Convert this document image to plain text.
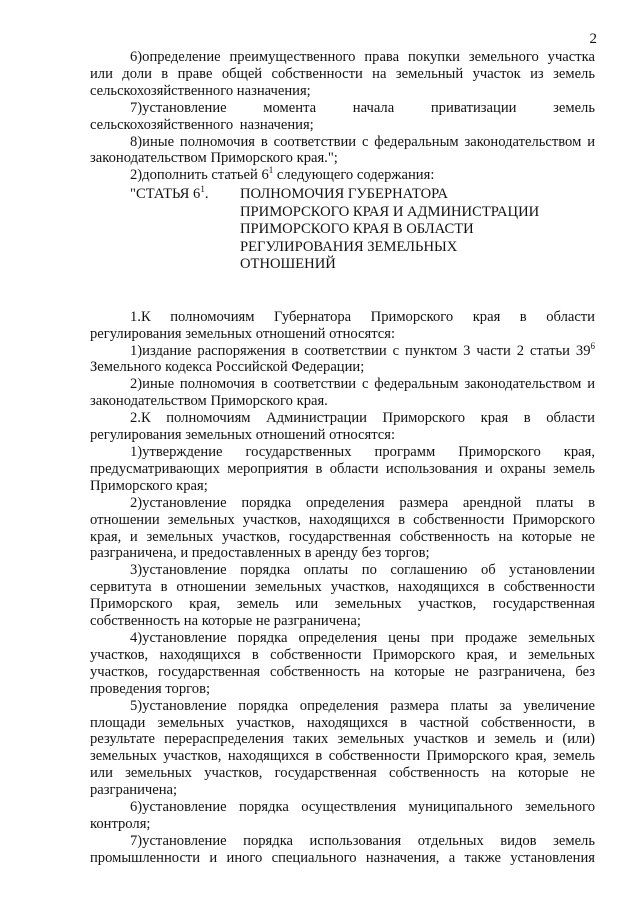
2

6)определение преимущественного права покупки земельного участка или доли в праве общей собственности на земельный участок из земель сельскохозяйственного назначения;

7)установление момента начала приватизации земель сельскохозяйственного назначения;

8)иные полномочия в соответствии с федеральным законодательством и законодательством Приморского края.";

2)дополнить статьей $6^1$ следующего содержания:

"СТАТЬЯ $6^1$.	ПОЛНОМОЧИЯ ГУБЕРНАТОРА ПРИМОРСКОГО КРАЯ И АДМИНИСТРАЦИИ ПРИМОРСКОГО КРАЯ В ОБЛАСТИ РЕГУЛИРОВАНИЯ ЗЕМЕЛЬНЫХ ОТНОШЕНИЙ

1.К полномочиям Губернатора Приморского края в области регулирования земельных отношений относятся:

1)издание распоряжения в соответствии с пунктом 3 части 2 статьи $39^6$ Земельного кодекса Российской Федерации;

2)иные полномочия в соответствии с федеральным законодательством и законодательством Приморского края.

2.К полномочиям Администрации Приморского края в области регулирования земельных отношений относятся:

1)утверждение государственных программ Приморского края, предусматривающих мероприятия в области использования и охраны земель Приморского края;

2)установление порядка определения размера арендной платы в отношении земельных участков, находящихся в собственности Приморского края, и земельных участков, государственная собственность на которые не разграничена, и предоставленных в аренду без торгов;

3)установление порядка оплаты по соглашению об установлении сервитута в отношении земельных участков, находящихся в собственности Приморского края, земель или земельных участков, государственная собственность на которые не разграничена;

4)установление порядка определения цены при продаже земельных участков, находящихся в собственности Приморского края, и земельных участков, государственная собственность на которые не разграничена, без проведения торгов;

5)установление порядка определения размера платы за увеличение площади земельных участков, находящихся в частной собственности, в результате перераспределения таких земельных участков и земель и (или) земельных участков, находящихся в собственности Приморского края, земель или земельных участков, государственная собственность на которые не разграничена;

6)установление порядка осуществления муниципального земельного контроля;

7)установление порядка использования отдельных видов земель промышленности и иного специального назначения, а также установления
